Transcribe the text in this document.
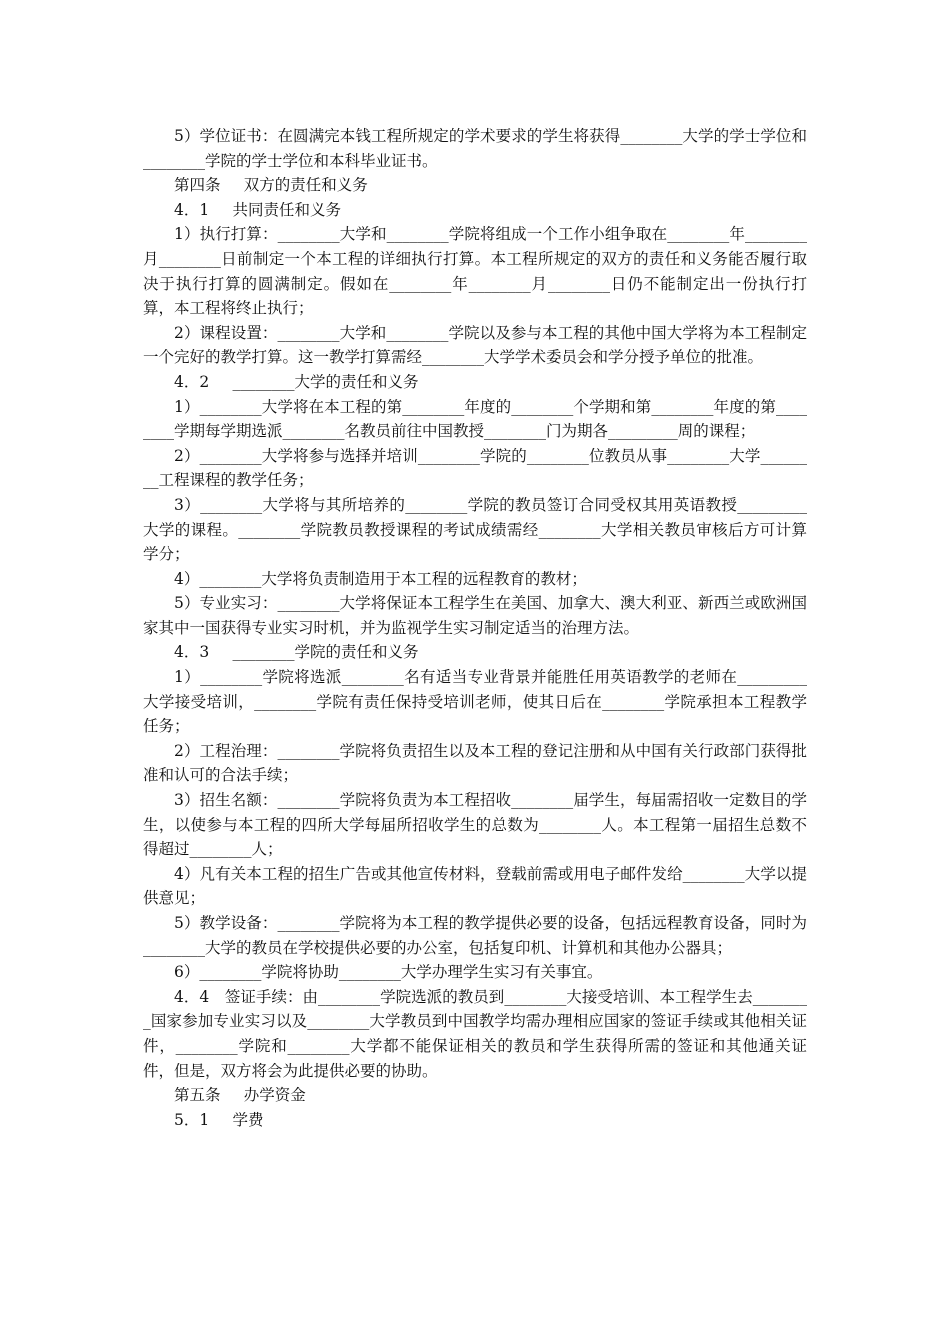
5）学位证书：在圆满完本钱工程所规定的学术要求的学生将获得________大学的学士学位和________学院的学士学位和本科毕业证书。
第四条 双方的责任和义务
4．1 共同责任和义务
1）执行打算：________大学和________学院将组成一个工作小组争取在________年________月________日前制定一个本工程的详细执行打算。本工程所规定的双方的责任和义务能否履行取决于执行打算的圆满制定。假如在________年________月________日仍不能制定出一份执行打算，本工程将终止执行；
2）课程设置：________大学和________学院以及参与本工程的其他中国大学将为本工程制定一个完好的教学打算。这一教学打算需经________大学学术委员会和学分授予单位的批准。
4．2 ________大学的责任和义务
1）________大学将在本工程的第________年度的________个学期和第________年度的第________学期每学期选派________名教员前往中国教授________门为期各_________周的课程；
2）________大学将参与选择并培训________学院的________位教员从事________大学________工程课程的教学任务；
3）________大学将与其所培养的________学院的教员签订合同受权其用英语教授_________大学的课程。________学院教员教授课程的考试成绩需经________大学相关教员审核后方可计算学分；
4）________大学将负责制造用于本工程的远程教育的教材；
5）专业实习：________大学将保证本工程学生在美国、加拿大、澳大利亚、新西兰或欧洲国家其中一国获得专业实习时机，并为监视学生实习制定适当的治理方法。
4．3 ________学院的责任和义务
1）________学院将选派________名有适当专业背景并能胜任用英语教学的老师在_________大学接受培训，________学院有责任保持受培训老师，使其日后在________学院承担本工程教学任务；
2）工程治理：________学院将负责招生以及本工程的登记注册和从中国有关行政部门获得批准和认可的合法手续；
3）招生名额：________学院将负责为本工程招收________届学生，每届需招收一定数目的学生，以使参与本工程的四所大学每届所招收学生的总数为________人。本工程第一届招生总数不得超过________人；
4）凡有关本工程的招生广告或其他宣传材料，登载前需或用电子邮件发给________大学以提供意见；
5）教学设备：________学院将为本工程的教学提供必要的设备，包括远程教育设备，同时为________大学的教员在学校提供必要的办公室，包括复印机、计算机和其他办公器具；
6）________学院将协助________大学办理学生实习有关事宜。
4．4　签证手续：由________学院选派的教员到________大接受培训、本工程学生去________国家参加专业实习以及________大学教员到中国教学均需办理相应国家的签证手续或其他相关证件，________学院和________大学都不能保证相关的教员和学生获得所需的签证和其他通关证件，但是，双方将会为此提供必要的协助。
第五条 办学资金
5．1 学费
